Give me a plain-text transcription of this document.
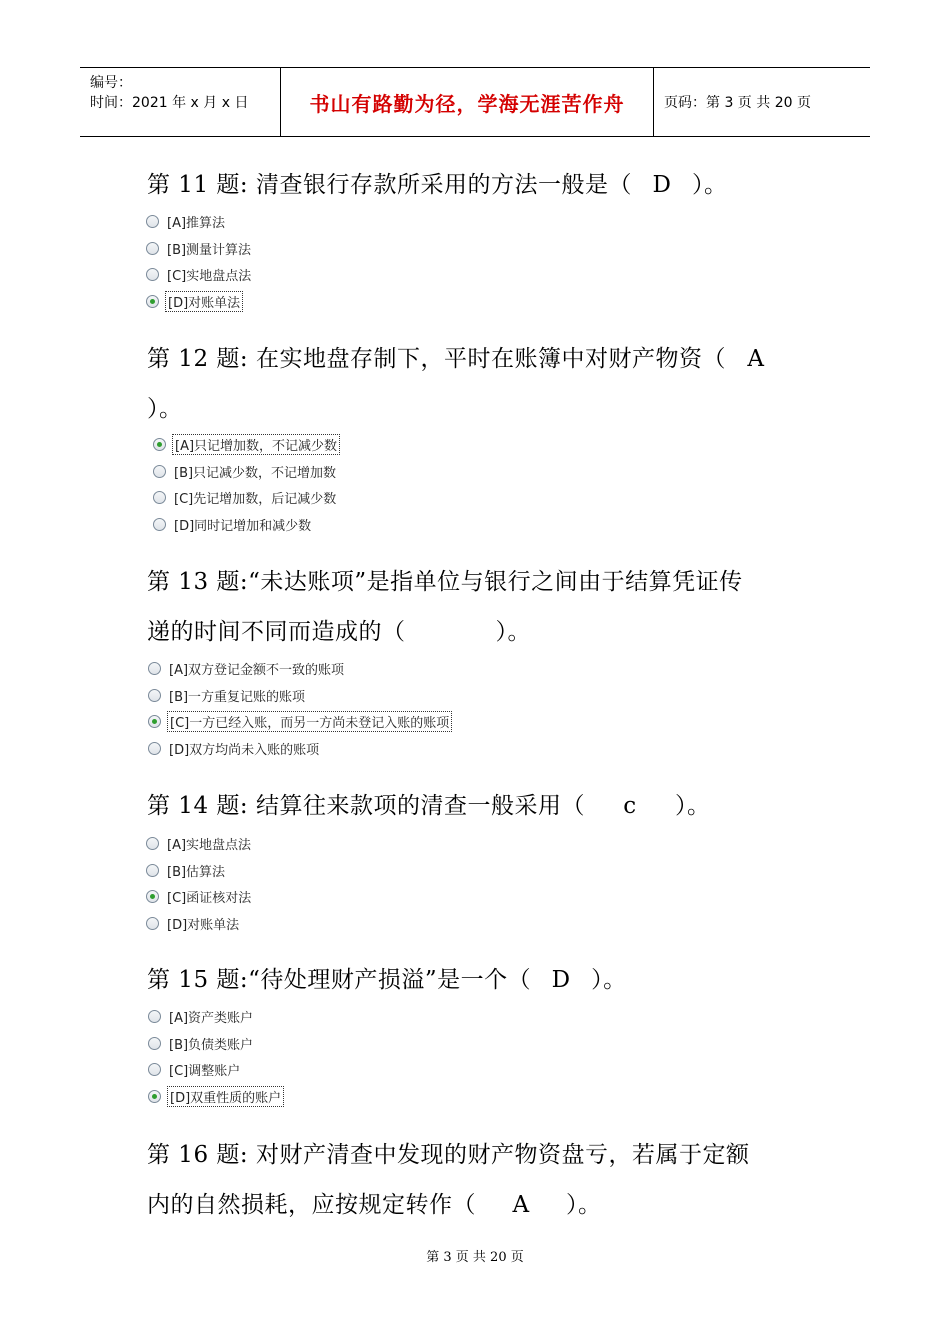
编号：
时间：2021 年 x 月 x 日	书山有路勤为径，学海无涯苦作舟	页码：第 3 页 共 20 页
第 11 题: 清查银行存款所采用的方法一般是（ D ）。
[A]推算法
[B]测量计算法
[C]实地盘点法
[D]对账单法
第 12 题: 在实地盘存制下，平时在账簿中对财产物资（ A
）。
[A]只记增加数，不记减少数
[B]只记减少数，不记增加数
[C]先记增加数，后记减少数
[D]同时记增加和减少数
第 13 题:“未达账项”是指单位与银行之间由于结算凭证传
递的时间不同而造成的（	）。
[A]双方登记金额不一致的账项
[B]一方重复记账的账项
[C]一方已经入账，而另一方尚未登记入账的账项
[D]双方均尚未入账的账项
第 14 题: 结算往来款项的清查一般采用（ c ）。
[A]实地盘点法
[B]估算法
[C]函证核对法
[D]对账单法
第 15 题:“待处理财产损溢”是一个（ D ）。
[A]资产类账户
[B]负债类账户
[C]调整账户
[D]双重性质的账户
第 16 题: 对财产清查中发现的财产物资盘亏，若属于定额
内的自然损耗，应按规定转作（ A ）。
第 3 页 共 20 页
